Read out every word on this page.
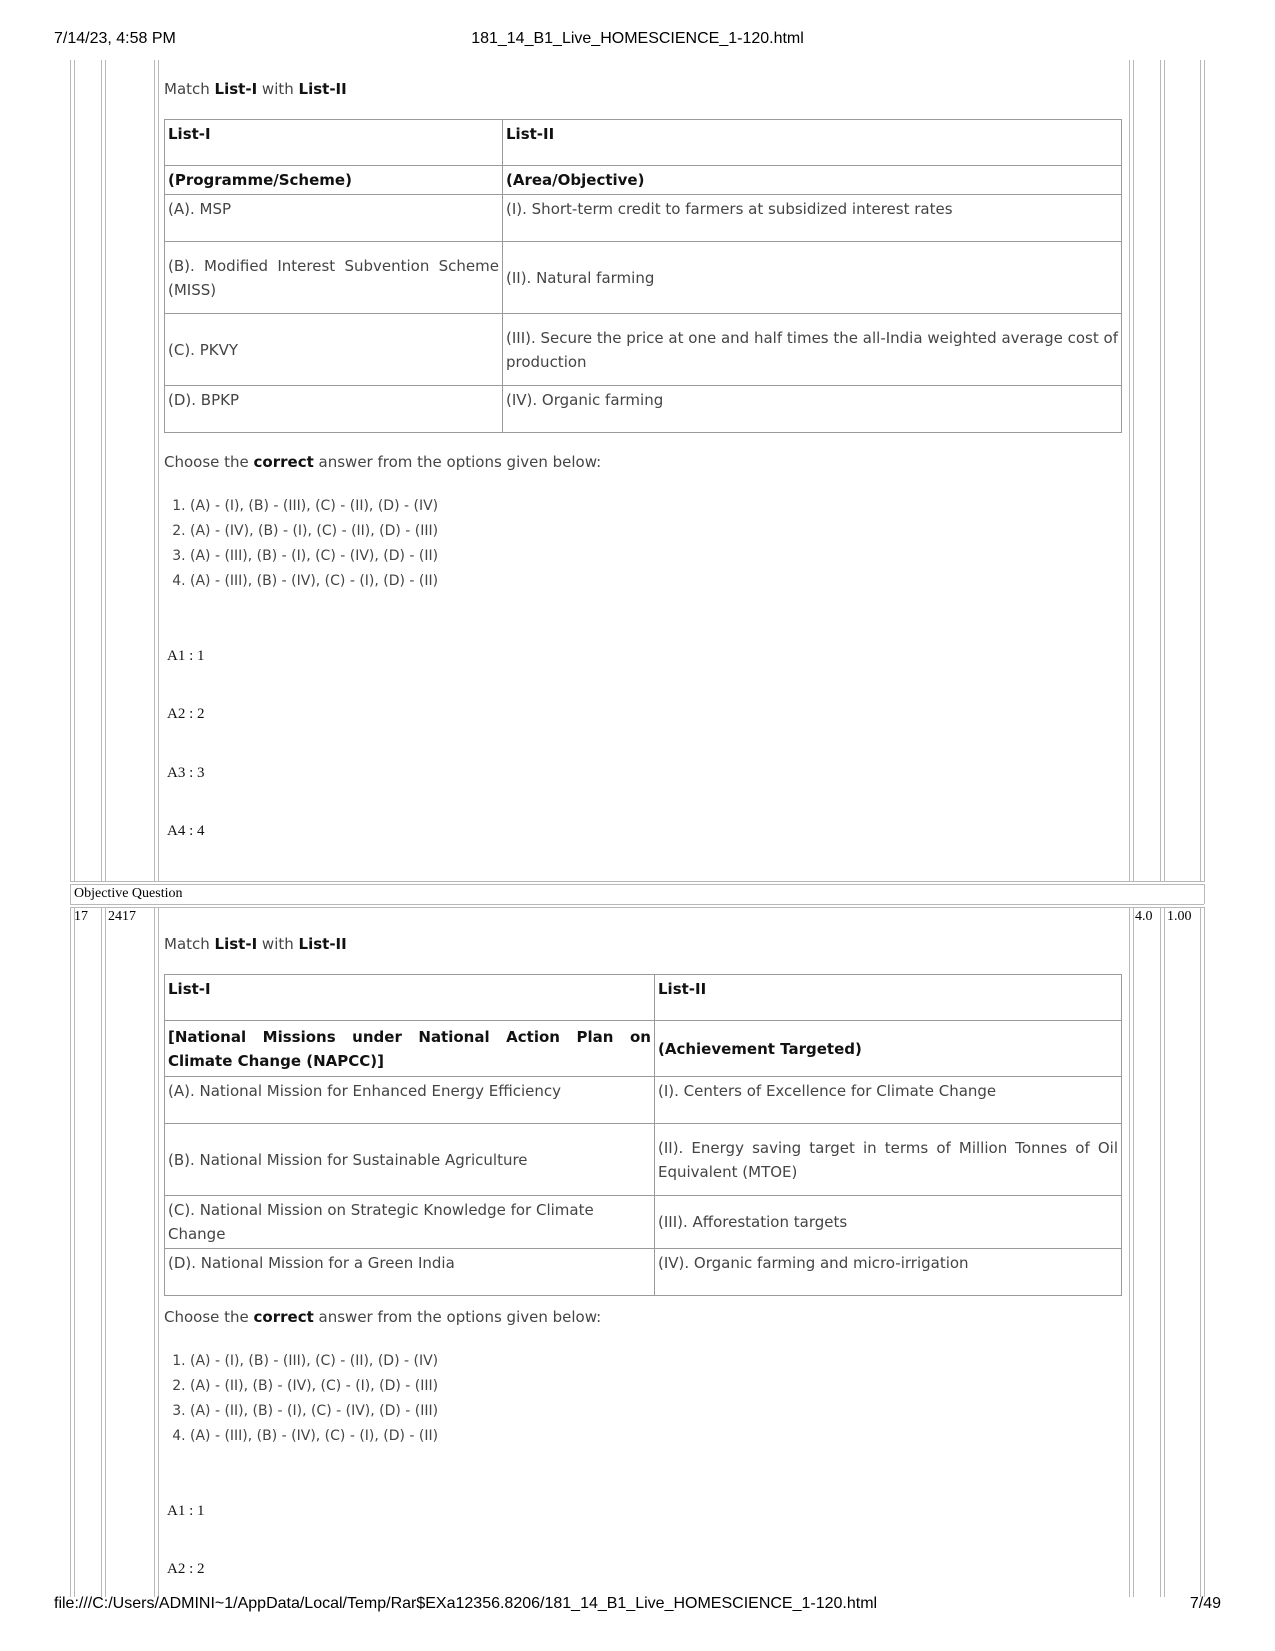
7/14/23, 4:58 PM	181_14_B1_Live_HOMESCIENCE_1-120.html

Match List-I with List-II

List-I	List-II
(Programme/Scheme)	(Area/Objective)
(A). MSP	(I). Short-term credit to farmers at subsidized interest rates
(B). Modified Interest Subvention Scheme (MISS)	(II). Natural farming
(C). PKVY	(III). Secure the price at one and half times the all-India weighted average cost of production
(D). BPKP	(IV). Organic farming

Choose the correct answer from the options given below:

1. (A) - (I), (B) - (III), (C) - (II), (D) - (IV)
2. (A) - (IV), (B) - (I), (C) - (II), (D) - (III)
3. (A) - (III), (B) - (I), (C) - (IV), (D) - (II)
4. (A) - (III), (B) - (IV), (C) - (I), (D) - (II)
A1 : 1
A2 : 2
A3 : 3
A4 : 4
Objective Question
17 2417	4.0 1.00

Match List-I with List-II

List-I	List-II
[National Missions under National Action Plan on Climate Change (NAPCC)]	(Achievement Targeted)
(A). National Mission for Enhanced Energy Efficiency	(I). Centers of Excellence for Climate Change
(B). National Mission for Sustainable Agriculture	(II). Energy saving target in terms of Million Tonnes of Oil Equivalent (MTOE)
(C). National Mission on Strategic Knowledge for Climate Change	(III). Afforestation targets
(D). National Mission for a Green India	(IV). Organic farming and micro-irrigation

Choose the correct answer from the options given below:

1. (A) - (I), (B) - (III), (C) - (II), (D) - (IV)
2. (A) - (II), (B) - (IV), (C) - (I), (D) - (III)
3. (A) - (II), (B) - (I), (C) - (IV), (D) - (III)
4. (A) - (III), (B) - (IV), (C) - (I), (D) - (II)
A1 : 1
A2 : 2
file:///C:/Users/ADMINI~1/AppData/Local/Temp/Rar$EXa12356.8206/181_14_B1_Live_HOMESCIENCE_1-120.html	7/49
